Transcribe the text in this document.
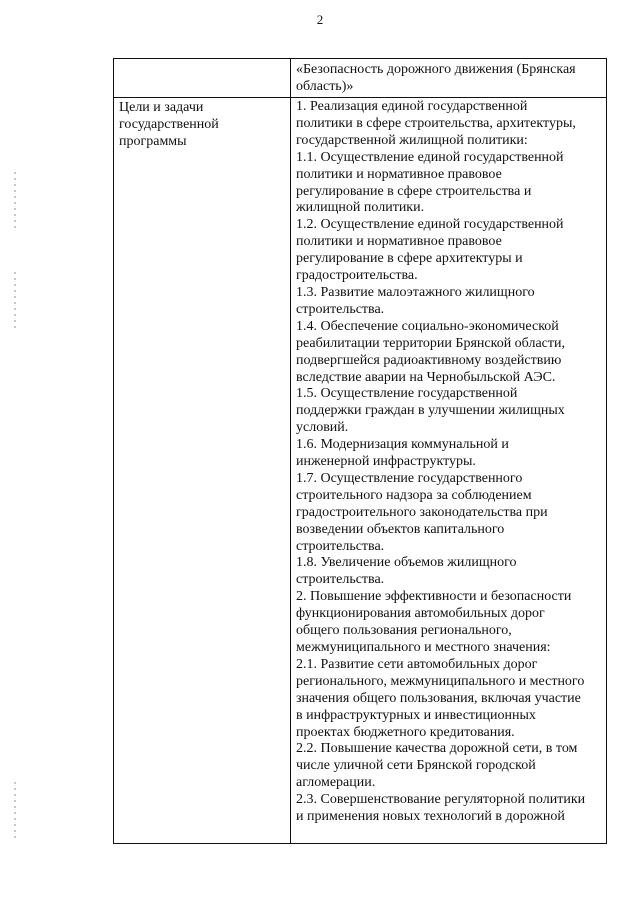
2
«Безопасность дорожного движения (Брянская
область)»
Цели и задачи
государственной
программы
1. Реализация единой государственной
политики в сфере строительства, архитектуры,
государственной жилищной политики:
1.1. Осуществление единой государственной
политики и нормативное правовое
регулирование в сфере строительства и
жилищной политики.
1.2. Осуществление единой государственной
политики и нормативное правовое
регулирование в сфере архитектуры и
градостроительства.
1.3. Развитие малоэтажного жилищного
строительства.
1.4. Обеспечение социально-экономической
реабилитации территории Брянской области,
подвергшейся радиоактивному воздействию
вследствие аварии на Чернобыльской АЭС.
1.5. Осуществление государственной
поддержки граждан в улучшении жилищных
условий.
1.6. Модернизация коммунальной и
инженерной инфраструктуры.
1.7. Осуществление государственного
строительного надзора за соблюдением
градостроительного законодательства при
возведении объектов капитального
строительства.
1.8. Увеличение объемов жилищного
строительства.
2. Повышение эффективности и безопасности
функционирования автомобильных дорог
общего пользования регионального,
межмуниципального и местного значения:
2.1. Развитие сети автомобильных дорог
регионального, межмуниципального и местного
значения общего пользования, включая участие
в инфраструктурных и инвестиционных
проектах бюджетного кредитования.
2.2. Повышение качества дорожной сети, в том
числе уличной сети Брянской городской
агломерации.
2.3. Совершенствование регуляторной политики
и применения новых технологий в дорожной
